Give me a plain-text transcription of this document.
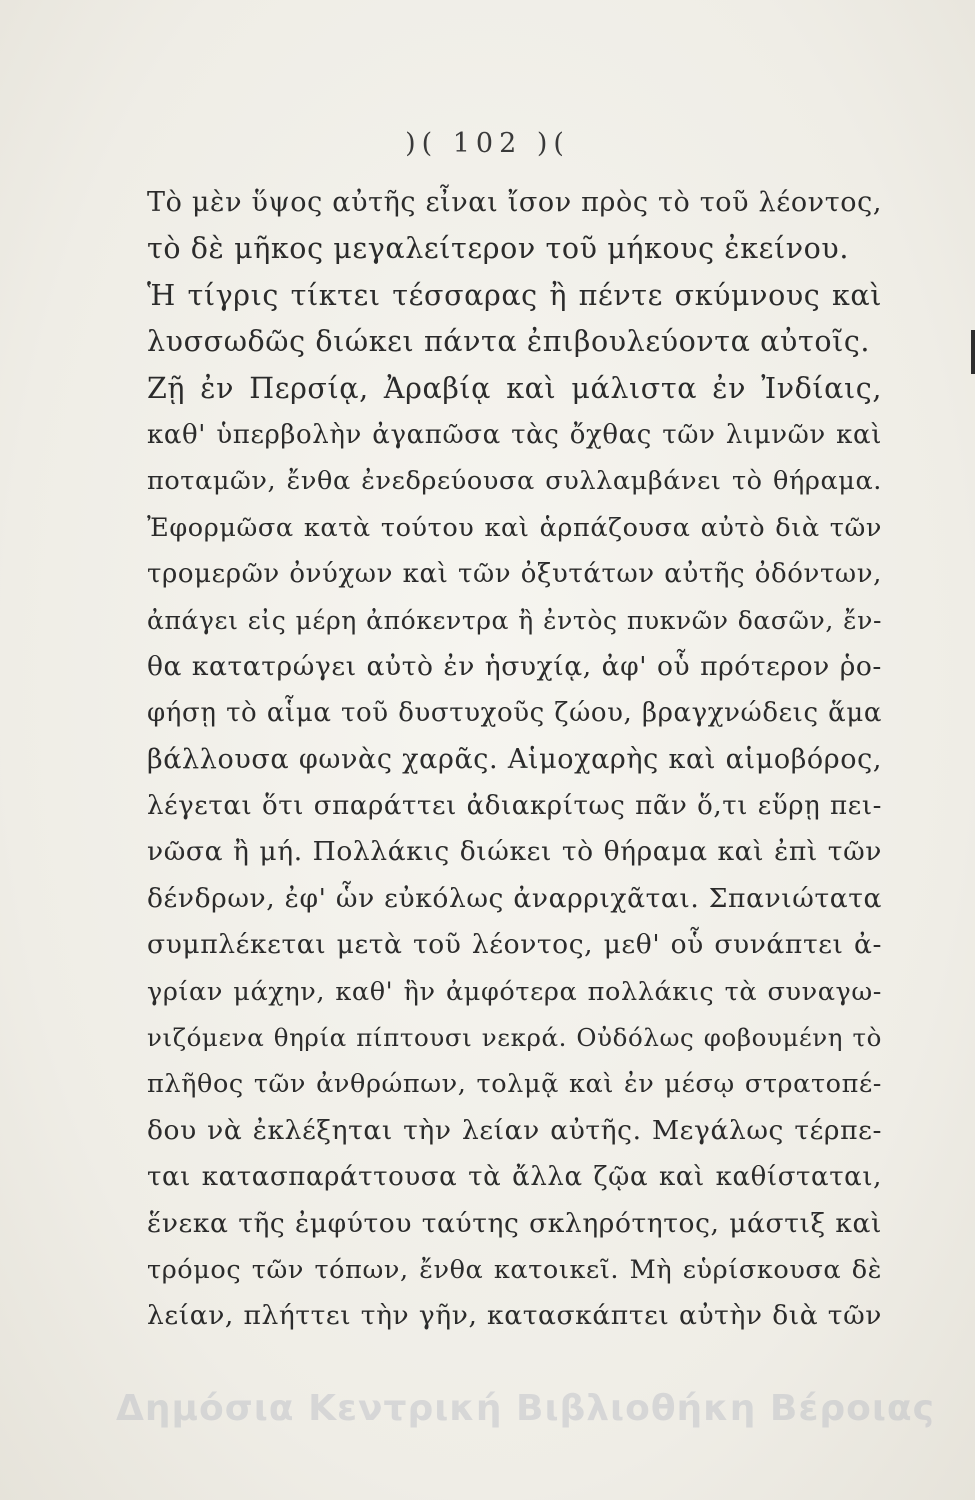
)( 102 )(
Τὸ μὲν ὕψος αὐτῆς εἶναι ἴσον πρὸς τὸ τοῦ λέοντος,
τὸ δὲ μῆκος μεγαλείτερον τοῦ μήκους ἐκείνου.
Ἡ τίγρις τίκτει τέσσαρας ἢ πέντε σκύμνους καὶ
λυσσωδῶς διώκει πάντα ἐπιβουλεύοντα αὐτοῖς.
Ζῇ ἐν Περσίᾳ, Ἀραβίᾳ καὶ μάλιστα ἐν Ἰνδίαις,
καθ' ὑπερβολὴν ἀγαπῶσα τὰς ὄχθας τῶν λιμνῶν καὶ
ποταμῶν, ἔνθα ἐνεδρεύουσα συλλαμβάνει τὸ θήραμα.
Ἐφορμῶσα κατὰ τούτου καὶ ἁρπάζουσα αὐτὸ διὰ τῶν
τρομερῶν ὀνύχων καὶ τῶν ὀξυτάτων αὐτῆς ὀδόντων,
ἀπάγει εἰς μέρη ἀπόκεντρα ἢ ἐντὸς πυκνῶν δασῶν, ἔν-
θα κατατρώγει αὐτὸ ἐν ἡσυχίᾳ, ἀφ' οὗ πρότερον ῥο-
φήσῃ τὸ αἷμα τοῦ δυστυχοῦς ζώου, βραγχνώδεις ἅμα
βάλλουσα φωνὰς χαρᾶς. Αἱμοχαρὴς καὶ αἱμοβόρος,
λέγεται ὅτι σπαράττει ἀδιακρίτως πᾶν ὅ,τι εὕρῃ πει-
νῶσα ἢ μή. Πολλάκις διώκει τὸ θήραμα καὶ ἐπὶ τῶν
δένδρων, ἐφ' ὧν εὐκόλως ἀναρριχᾶται. Σπανιώτατα
συμπλέκεται μετὰ τοῦ λέοντος, μεθ' οὗ συνάπτει ἀ-
γρίαν μάχην, καθ' ἣν ἀμφότερα πολλάκις τὰ συναγω-
νιζόμενα θηρία πίπτουσι νεκρά. Οὐδόλως φοβουμένη τὸ
πλῆθος τῶν ἀνθρώπων, τολμᾷ καὶ ἐν μέσῳ στρατοπέ-
δου νὰ ἐκλέξηται τὴν λείαν αὐτῆς. Μεγάλως τέρπε-
ται κατασπαράττουσα τὰ ἄλλα ζῷα καὶ καθίσταται,
ἕνεκα τῆς ἐμφύτου ταύτης σκληρότητος, μάστιξ καὶ
τρόμος τῶν τόπων, ἔνθα κατοικεῖ. Μὴ εὑρίσκουσα δὲ
λείαν, πλήττει τὴν γῆν, κατασκάπτει αὐτὴν διὰ τῶν
Δημόσια Κεντρική Βιβλιοθήκη Βέροιας
